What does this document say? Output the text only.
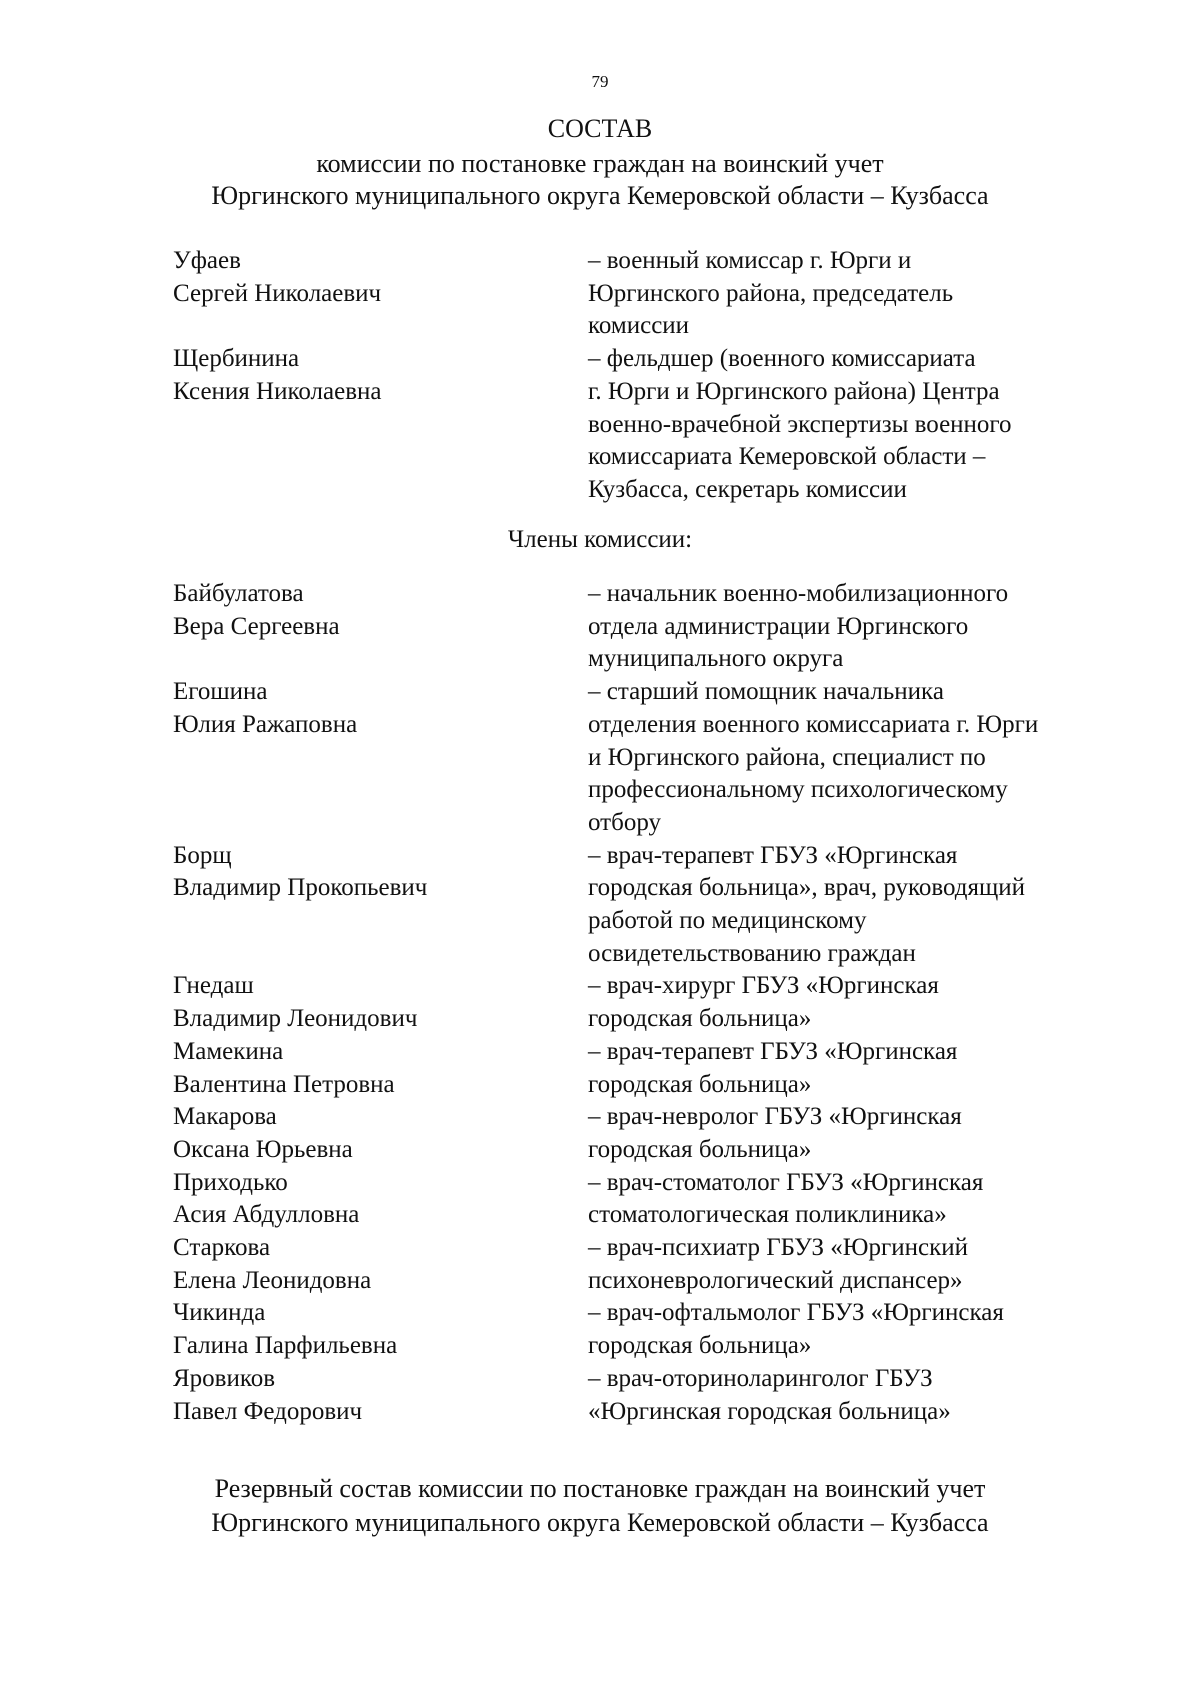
79
СОСТАВ
комиссии по постановке граждан на воинский учет
Юргинского муниципального округа Кемеровской области – Кузбасса
Уфаев
Сергей Николаевич
– военный комиссар г. Юрги и
Юргинского района, председатель
комиссии
Щербинина
Ксения Николаевна
– фельдшер (военного комиссариата
г. Юрги и Юргинского района) Центра
военно-врачебной экспертизы военного
комиссариата Кемеровской области –
Кузбасса, секретарь комиссии
Члены комиссии:
Байбулатова
Вера Сергеевна
– начальник военно-мобилизационного
отдела администрации Юргинского
муниципального округа
Егошина
Юлия Ражаповна
– старший помощник начальника
отделения военного комиссариата г. Юрги
и Юргинского района, специалист по
профессиональному психологическому
отбору
Борщ
Владимир Прокопьевич
– врач-терапевт ГБУЗ «Юргинская
городская больница», врач, руководящий
работой по медицинскому
освидетельствованию граждан
Гнедаш
Владимир Леонидович
– врач-хирург ГБУЗ «Юргинская
городская больница»
Мамекина
Валентина Петровна
– врач-терапевт ГБУЗ «Юргинская
городская больница»
Макарова
Оксана Юрьевна
– врач-невролог ГБУЗ «Юргинская
городская больница»
Приходько
Асия Абдулловна
– врач-стоматолог ГБУЗ «Юргинская
стоматологическая поликлиника»
Старкова
Елена Леонидовна
– врач-психиатр ГБУЗ «Юргинский
психоневрологический диспансер»
Чикинда
Галина Парфильевна
– врач-офтальмолог ГБУЗ «Юргинская
городская больница»
Яровиков
Павел Федорович
– врач-оториноларинголог ГБУЗ
«Юргинская городская больница»
Резервный состав комиссии по постановке граждан на воинский учет
Юргинского муниципального округа Кемеровской области – Кузбасса
